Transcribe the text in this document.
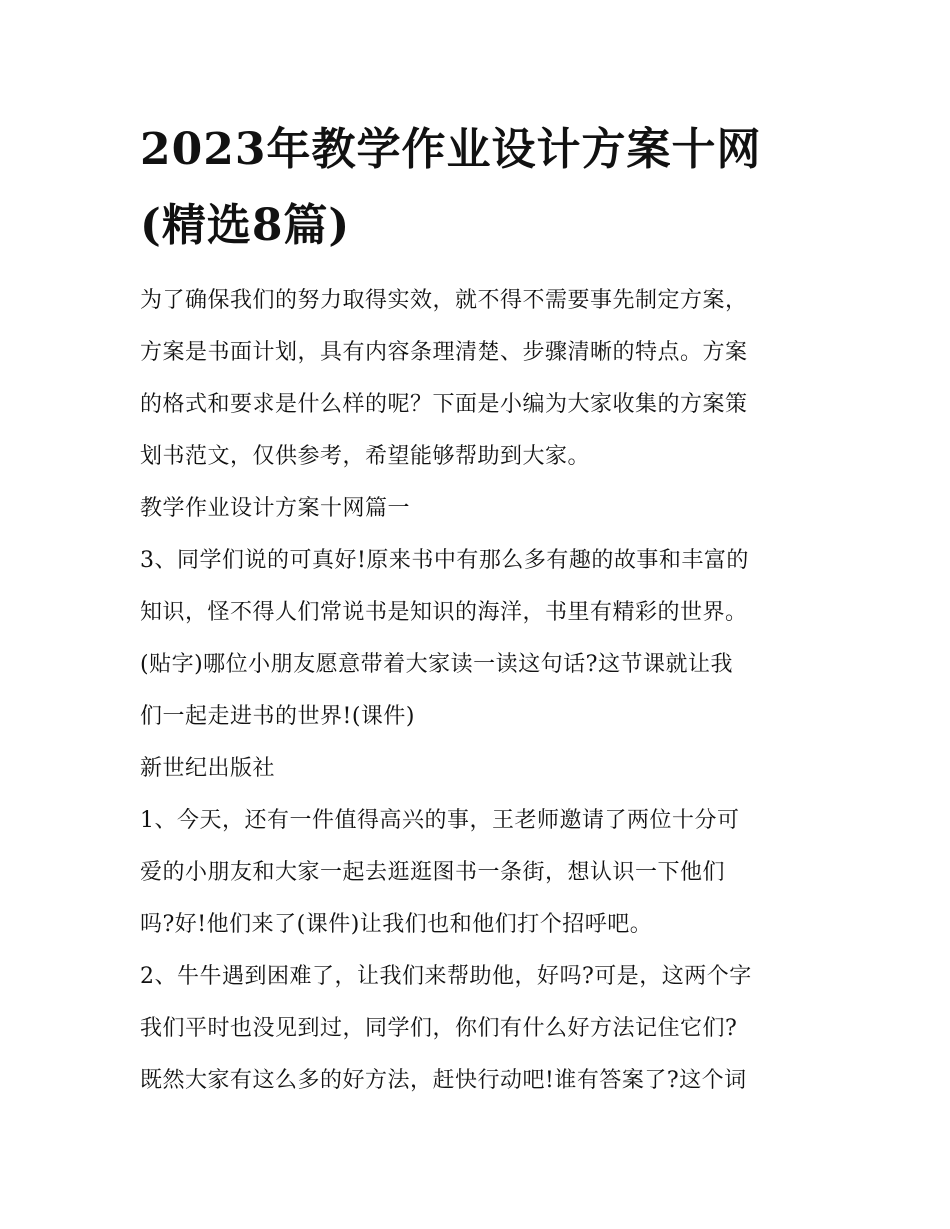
2023年教学作业设计方案十网
(精选8篇)

为了确保我们的努力取得实效，就不得不需要事先制定方案，
方案是书面计划，具有内容条理清楚、步骤清晰的特点。方案
的格式和要求是什么样的呢？下面是小编为大家收集的方案策
划书范文，仅供参考，希望能够帮助到大家。

教学作业设计方案十网篇一

3、同学们说的可真好!原来书中有那么多有趣的故事和丰富的
知识，怪不得人们常说书是知识的海洋，书里有精彩的世界。
(贴字)哪位小朋友愿意带着大家读一读这句话?这节课就让我
们一起走进书的世界!(课件)

新世纪出版社

1、今天，还有一件值得高兴的事，王老师邀请了两位十分可
爱的小朋友和大家一起去逛逛图书一条街，想认识一下他们
吗?好!他们来了(课件)让我们也和他们打个招呼吧。

2、牛牛遇到困难了，让我们来帮助他，好吗?可是，这两个字
我们平时也没见到过，同学们，你们有什么好方法记住它们?
既然大家有这么多的好方法，赶快行动吧!谁有答案了?这个词
